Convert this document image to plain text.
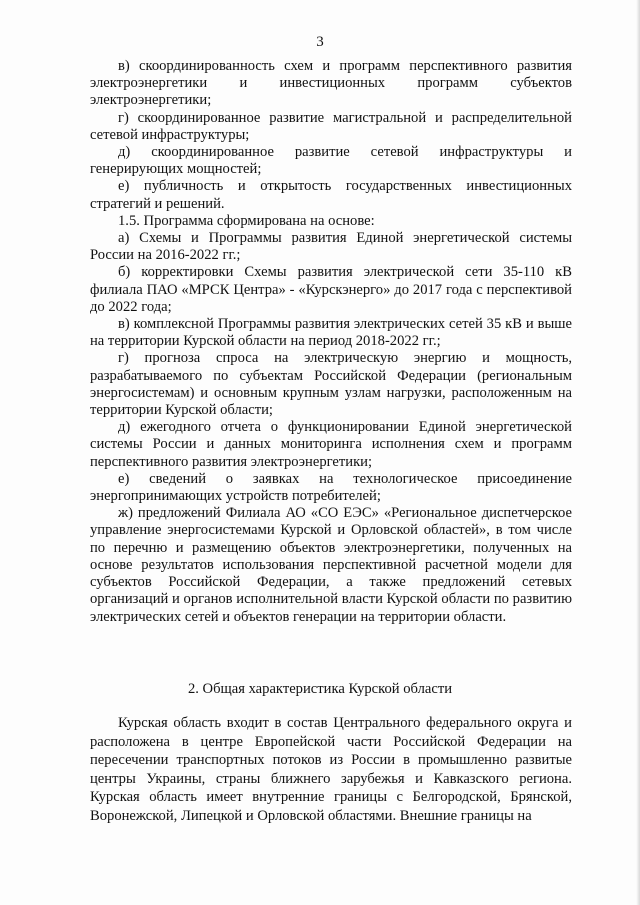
3

в) скоординированность схем и программ перспективного развития электроэнергетики и инвестиционных программ субъектов электроэнергетики;

г) скоординированное развитие магистральной и распределительной сетевой инфраструктуры;

д) скоординированное развитие сетевой инфраструктуры и генерирующих мощностей;

е) публичность и открытость государственных инвестиционных стратегий и решений.

1.5. Программа сформирована на основе:

а) Схемы и Программы развития Единой энергетической системы России на 2016-2022 гг.;

б) корректировки Схемы развития электрической сети 35-110 кВ филиала ПАО «МРСК Центра» - «Курскэнерго» до 2017 года с перспективой до 2022 года;

в) комплексной Программы развития электрических сетей 35 кВ и выше на территории Курской области на период 2018-2022 гг.;

г) прогноза спроса на электрическую энергию и мощность, разрабатываемого по субъектам Российской Федерации (региональным энергосистемам) и основным крупным узлам нагрузки, расположенным на территории Курской области;

д) ежегодного отчета о функционировании Единой энергетической системы России и данных мониторинга исполнения схем и программ перспективного развития электроэнергетики;

е) сведений о заявках на технологическое присоединение энергопринимающих устройств потребителей;

ж) предложений Филиала АО «СО ЕЭС» «Региональное диспетчерское управление энергосистемами Курской и Орловской областей», в том числе по перечню и размещению объектов электроэнергетики, полученных на основе результатов использования перспективной расчетной модели для субъектов Российской Федерации, а также предложений сетевых организаций и органов исполнительной власти Курской области по развитию электрических сетей и объектов генерации на территории области.

2. Общая характеристика Курской области

Курская область входит в состав Центрального федерального округа и расположена в центре Европейской части Российской Федерации на пересечении транспортных потоков из России в промышленно развитые центры Украины, страны ближнего зарубежья и Кавказского региона. Курская область имеет внутренние границы с Белгородской, Брянской, Воронежской, Липецкой и Орловской областями. Внешние границы на
